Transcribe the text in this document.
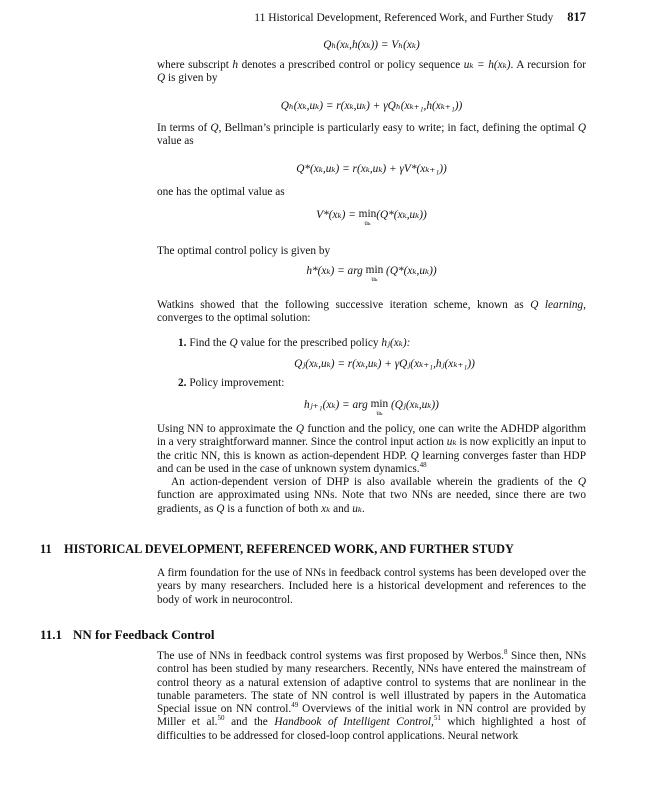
11 Historical Development, Referenced Work, and Further Study 817
Qₕ(xₖ,h(xₖ)) = Vₕ(xₖ)
where subscript h denotes a prescribed control or policy sequence uₖ = h(xₖ). A recursion for Q is given by
Qₕ(xₖ,uₖ) = r(xₖ,uₖ) + γQₕ(xₖ₊₁,h(xₖ₊₁))
In terms of Q, Bellman’s principle is particularly easy to write; in fact, defining the optimal Q value as
Q*(xₖ,uₖ) = r(xₖ,uₖ) + γV*(xₖ₊₁))
one has the optimal value as
V*(xₖ) = min
uₖ
(Q*(xₖ,uₖ))
The optimal control policy is given by
h*(xₖ) = arg min
uₖ
(Q*(xₖ,uₖ))
Watkins showed that the following successive iteration scheme, known as Q learning, converges to the optimal solution:
1. Find the Q value for the prescribed policy hⱼ(xₖ):
Qⱼ(xₖ,uₖ) = r(xₖ,uₖ) + γQⱼ(xₖ₊₁,hⱼ(xₖ₊₁))
2. Policy improvement:
hⱼ₊₁(xₖ) = arg min
uₖ
(Qⱼ(xₖ,uₖ))
Using NN to approximate the Q function and the policy, one can write the ADHDP algorithm in a very straightforward manner. Since the control input action uₖ is now explicitly an input to the critic NN, this is known as action-dependent HDP. Q learning converges faster than HDP and can be used in the case of unknown system dynamics.$^{48}$
An action-dependent version of DHP is also available wherein the gradients of the Q function are approximated using NNs. Note that two NNs are needed, since there are two gradients, as Q is a function of both xₖ and uₖ.
11 HISTORICAL DEVELOPMENT, REFERENCED WORK, AND FURTHER STUDY
A firm foundation for the use of NNs in feedback control systems has been developed over the years by many researchers. Included here is a historical development and references to the body of work in neurocontrol.
11.1 NN for Feedback Control
The use of NNs in feedback control systems was first proposed by Werbos.$^8$ Since then, NNs control has been studied by many researchers. Recently, NNs have entered the mainstream of control theory as a natural extension of adaptive control to systems that are nonlinear in the tunable parameters. The state of NN control is well illustrated by papers in the Automatica Special issue on NN control.$^{49}$ Overviews of the initial work in NN control are provided by Miller et al.$^{50}$ and the Handbook of Intelligent Control,$^{51}$ which highlighted a host of difficulties to be addressed for closed-loop control applications. Neural network
